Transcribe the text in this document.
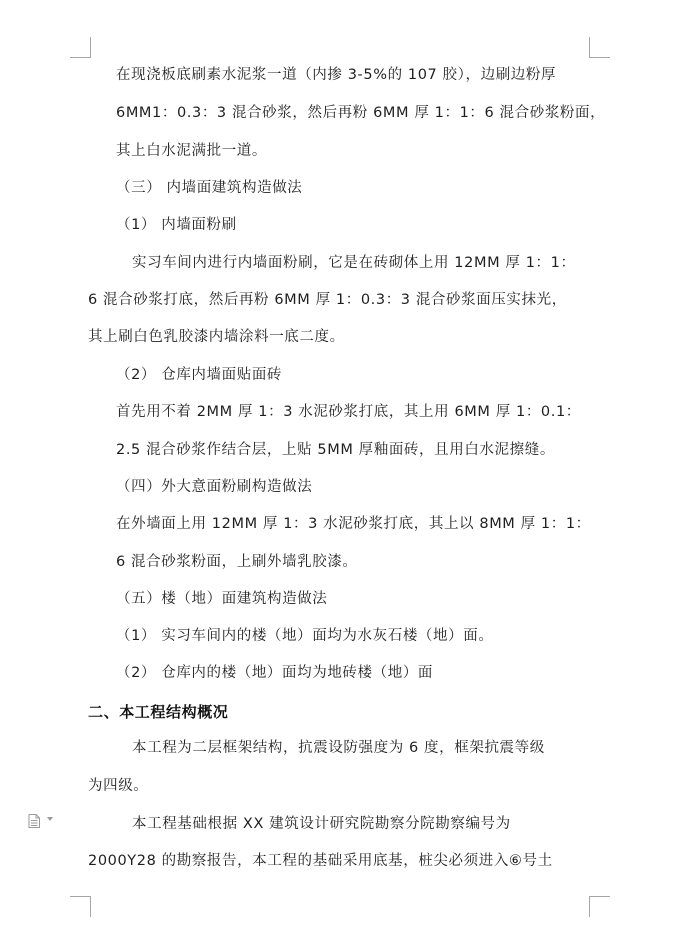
在现浇板底刷素水泥浆一道（内掺 3-5%的 107 胶），边刷边粉厚
6MM1：0.3：3 混合砂浆，然后再粉 6MM 厚 1：1：6 混合砂浆粉面，
其上白水泥满批一道。
（三） 内墙面建筑构造做法
（1） 内墙面粉刷
实习车间内进行内墙面粉刷，它是在砖砌体上用 12MM 厚 1：1：
6 混合砂浆打底，然后再粉 6MM 厚 1：0.3：3 混合砂浆面压实抹光，
其上刷白色乳胶漆内墙涂料一底二度。
（2） 仓库内墙面贴面砖
首先用不着 2MM 厚 1：3 水泥砂浆打底，其上用 6MM 厚 1：0.1：
2.5 混合砂浆作结合层，上贴 5MM 厚釉面砖，且用白水泥擦缝。
（四）外大意面粉刷构造做法
在外墙面上用 12MM 厚 1：3 水泥砂浆打底，其上以 8MM 厚 1：1：
6 混合砂浆粉面，上刷外墙乳胶漆。
（五）楼（地）面建筑构造做法
（1） 实习车间内的楼（地）面均为水灰石楼（地）面。
（2） 仓库内的楼（地）面均为地砖楼（地）面
二、本工程结构概况
本工程为二层框架结构，抗震设防强度为 6 度，框架抗震等级
为四级。
本工程基础根据 XX 建筑设计研究院勘察分院勘察编号为
2000Y28 的勘察报告，本工程的基础采用底基，桩尖必须进入⑥号土
